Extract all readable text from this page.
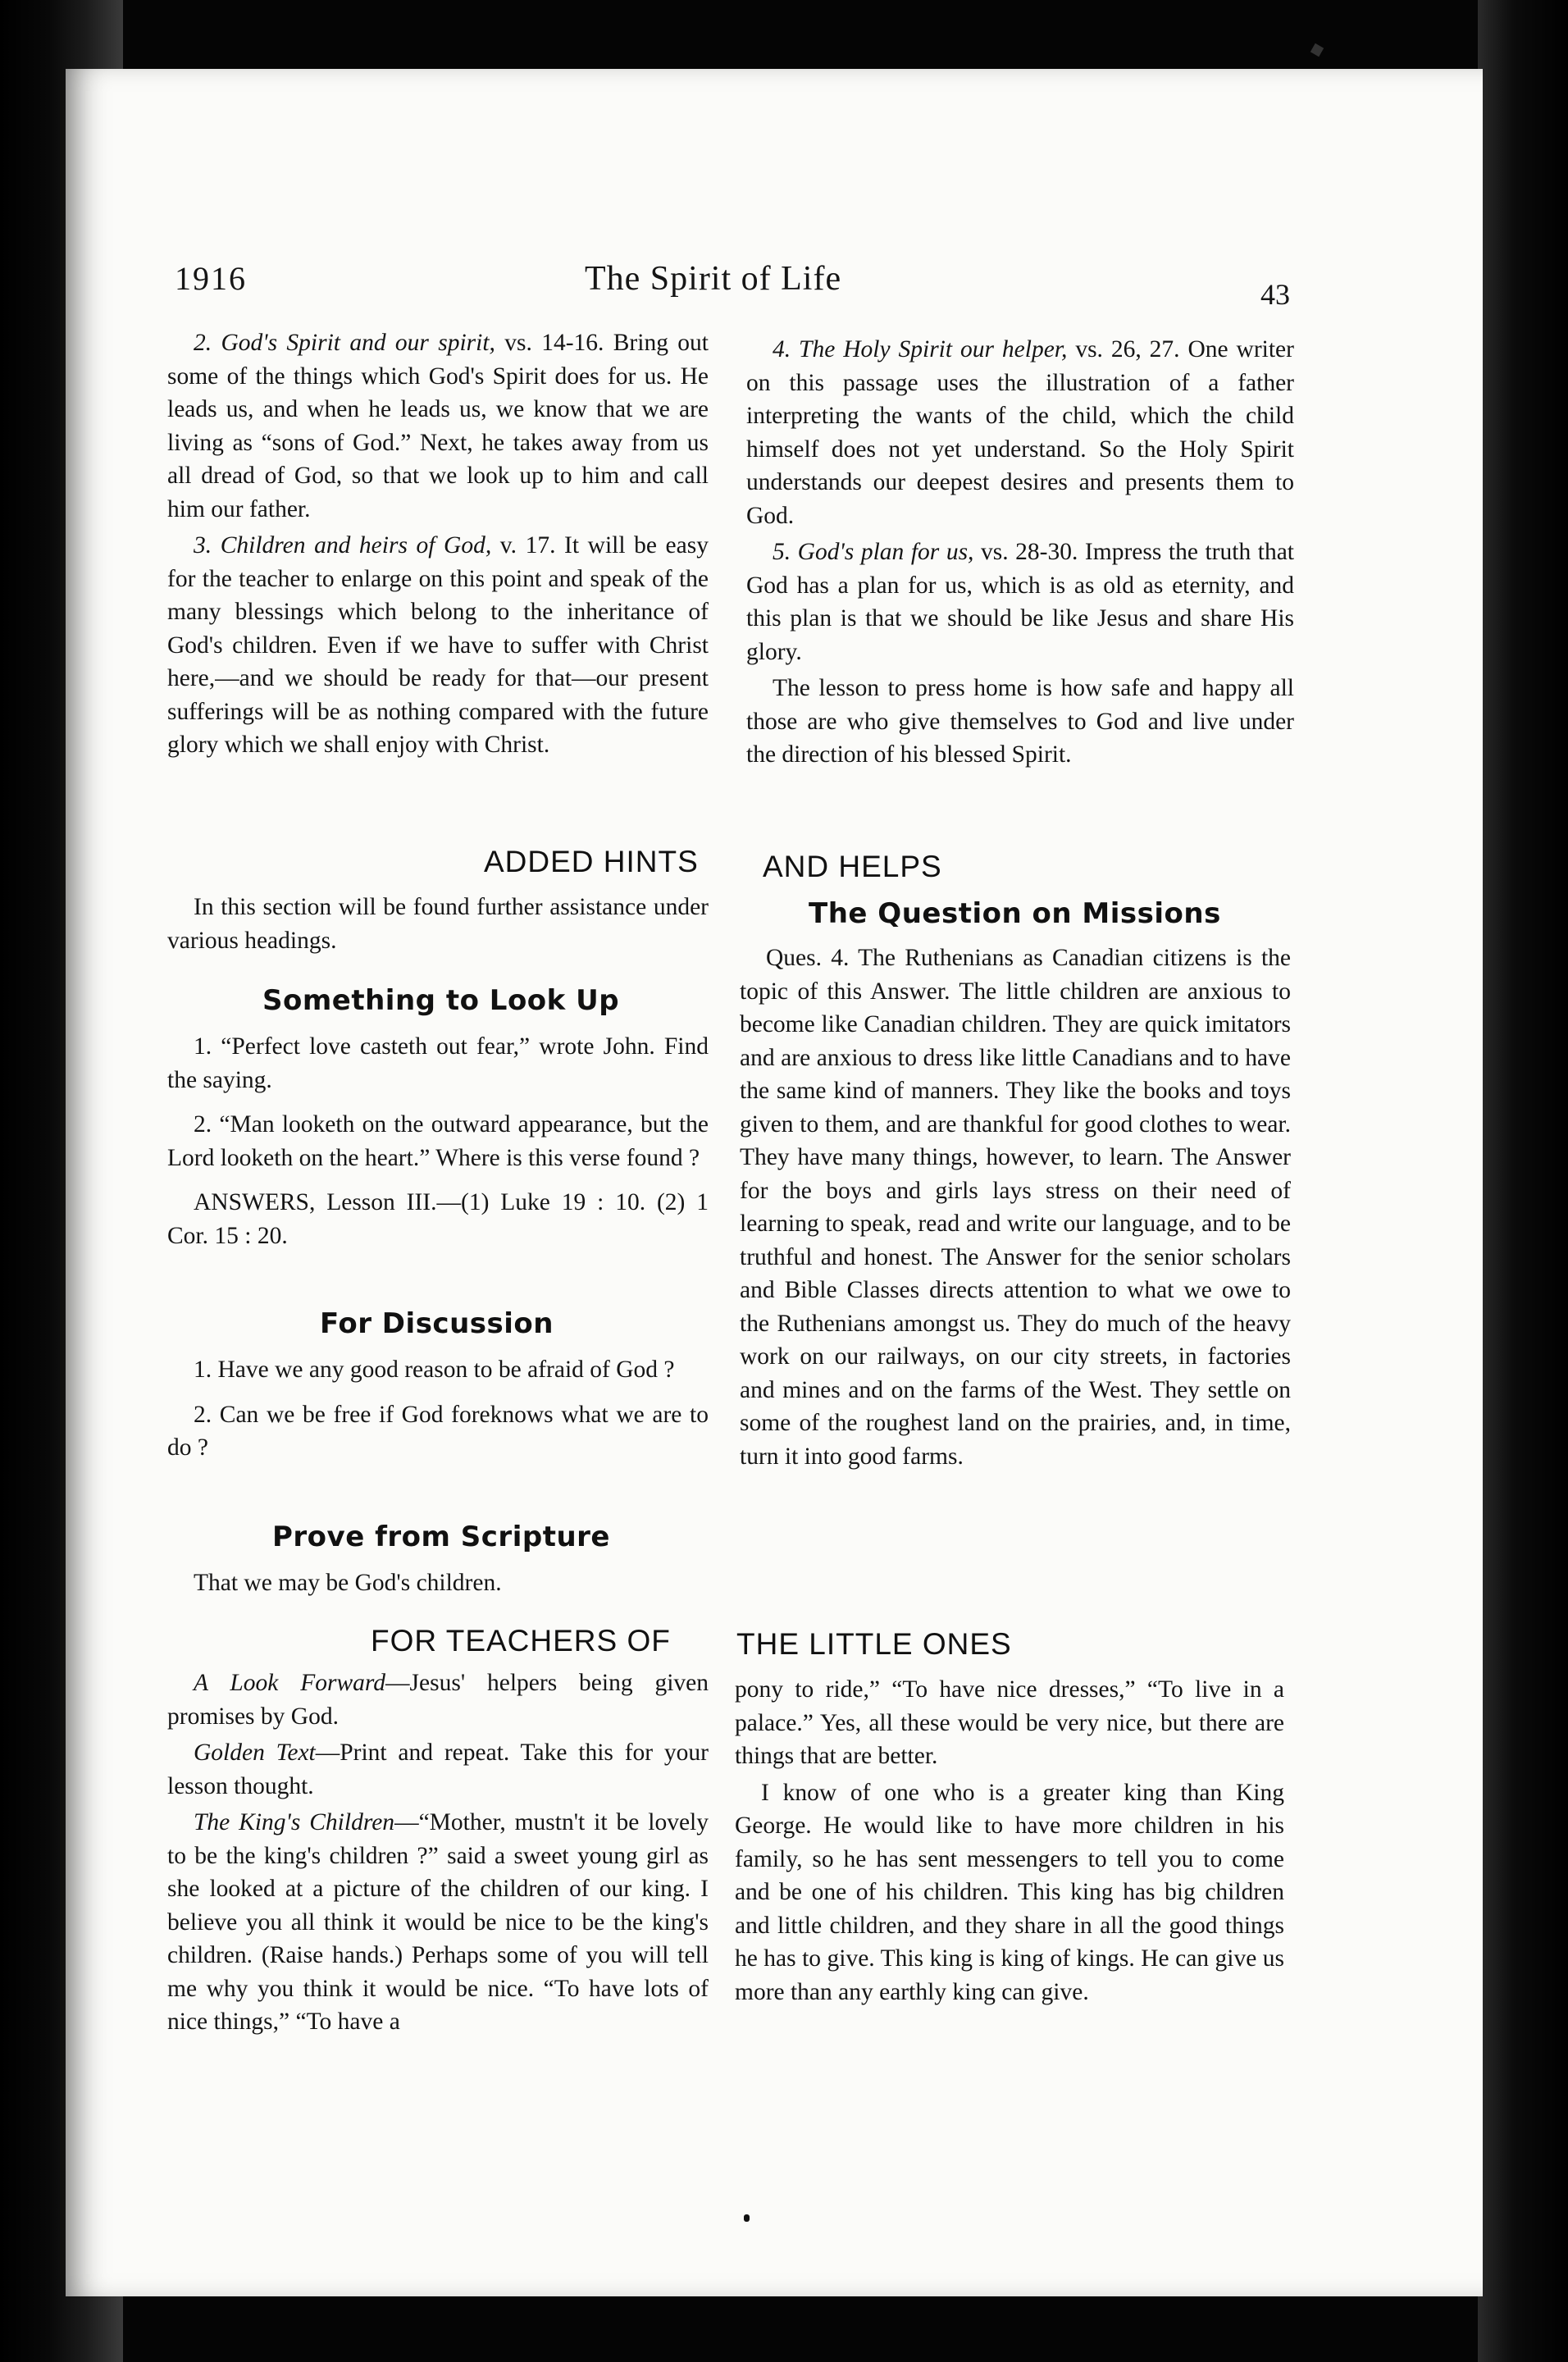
1916	The Spirit of Life	43

2. God's Spirit and our spirit, vs. 14-16. Bring out some of the things which God's Spirit does for us. He leads us, and when he leads us, we know that we are living as “sons of God.” Next, he takes away from us all dread of God, so that we look up to him and call him our father.

3. Children and heirs of God, v. 17. It will be easy for the teacher to enlarge on this point and speak of the many blessings which belong to the inheritance of God's children. Even if we have to suffer with Christ here,—and we should be ready for that—our present sufferings will be as nothing compared with the future glory which we shall enjoy with Christ.

4. The Holy Spirit our helper, vs. 26, 27. One writer on this passage uses the illustration of a father interpreting the wants of the child, which the child himself does not yet understand. So the Holy Spirit understands our deepest desires and presents them to God.

5. God's plan for us, vs. 28-30. Impress the truth that God has a plan for us, which is as old as eternity, and this plan is that we should be like Jesus and share His glory.

The lesson to press home is how safe and happy all those are who give themselves to God and live under the direction of his blessed Spirit.

ADDED HINTS AND HELPS

In this section will be found further assistance under various headings.

Something to Look Up

1. “Perfect love casteth out fear,” wrote John. Find the saying.

2. “Man looketh on the outward appearance, but the Lord looketh on the heart.” Where is this verse found ?

ANSWERS, Lesson III.—(1) Luke 19 : 10. (2) 1 Cor. 15 : 20.

For Discussion

1. Have we any good reason to be afraid of God ?

2. Can we be free if God foreknows what we are to do ?

Prove from Scripture

That we may be God's children.

The Question on Missions

Ques. 4. The Ruthenians as Canadian citizens is the topic of this Answer. The little children are anxious to become like Canadian children. They are quick imitators and are anxious to dress like little Canadians and to have the same kind of manners. They like the books and toys given to them, and are thankful for good clothes to wear. They have many things, however, to learn. The Answer for the boys and girls lays stress on their need of learning to speak, read and write our language, and to be truthful and honest. The Answer for the senior scholars and Bible Classes directs attention to what we owe to the Ruthenians amongst us. They do much of the heavy work on our railways, on our city streets, in factories and mines and on the farms of the West. They settle on some of the roughest land on the prairies, and, in time, turn it into good farms.

FOR TEACHERS OF THE LITTLE ONES

A Look Forward—Jesus' helpers being given promises by God.

Golden Text—Print and repeat. Take this for your lesson thought.

The King's Children—“Mother, mustn't it be lovely to be the king's children ?” said a sweet young girl as she looked at a picture of the children of our king. I believe you all think it would be nice to be the king's children. (Raise hands.) Perhaps some of you will tell me why you think it would be nice. “To have lots of nice things,” “To have a

pony to ride,” “To have nice dresses,” “To live in a palace.” Yes, all these would be very nice, but there are things that are better.

I know of one who is a greater king than King George. He would like to have more children in his family, so he has sent messengers to tell you to come and be one of his children. This king has big children and little children, and they share in all the good things he has to give. This king is king of kings. He can give us more than any earthly king can give.
